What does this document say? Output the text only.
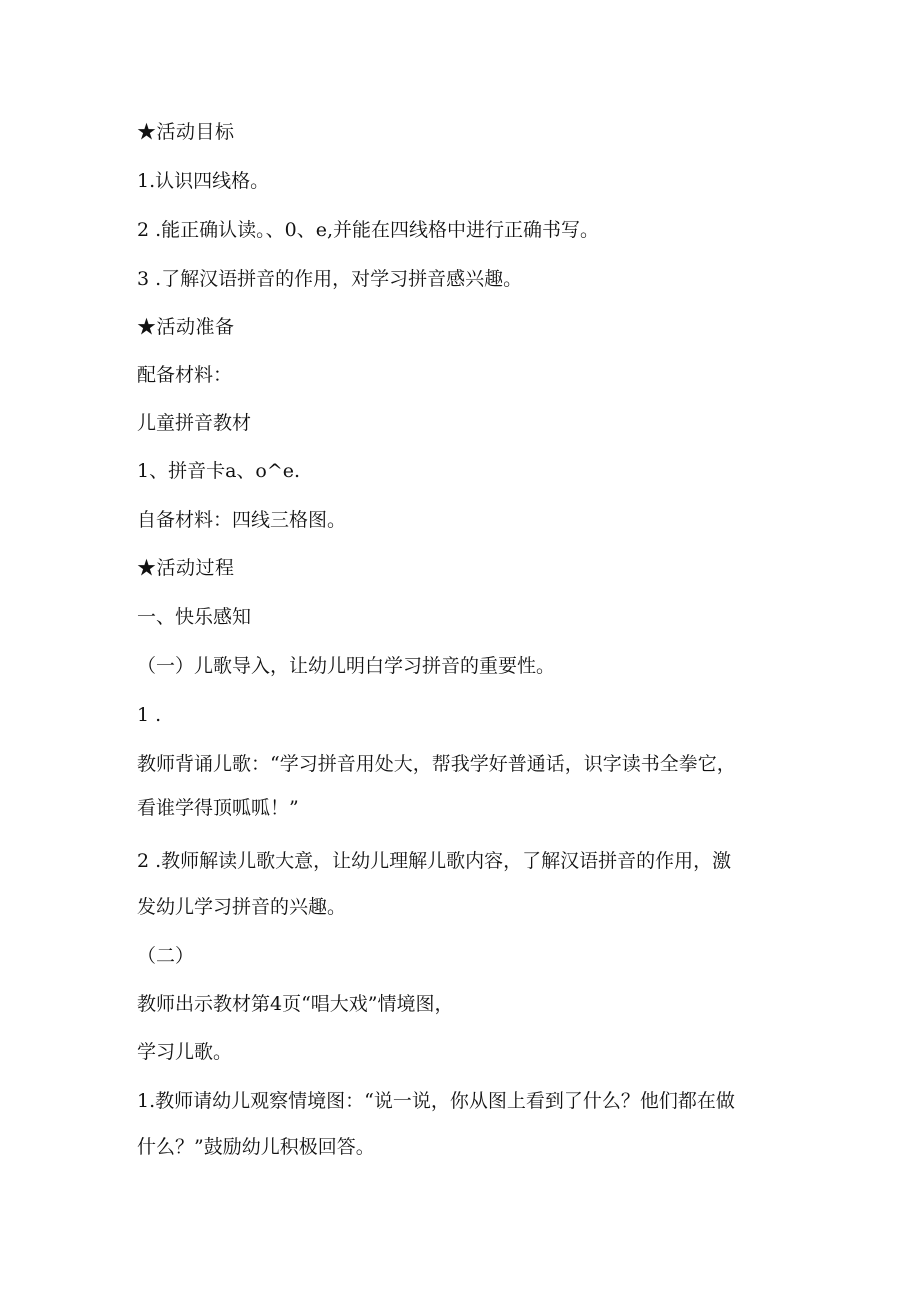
★活动目标
1.认识四线格。
2 .能正确认读。、0、e,并能在四线格中进行正确书写。
3 .了解汉语拼音的作用，对学习拼音感兴趣。
★活动准备
配备材料：
儿童拼音教材
1、拼音卡a、o^e.
自备材料：四线三格图。
★活动过程
一、快乐感知
（一）儿歌导入，让幼儿明白学习拼音的重要性。
1 .
教师背诵儿歌：“学习拼音用处大，帮我学好普通话，识字读书全拳它，
看谁学得顶呱呱！”
2 .教师解读儿歌大意，让幼儿理解儿歌内容，了解汉语拼音的作用，激
发幼儿学习拼音的兴趣。
（二）
教师出示教材第4页“唱大戏”情境图，
学习儿歌。
1.教师请幼儿观察情境图：“说一说，你从图上看到了什么？他们都在做
什么？”鼓励幼儿积极回答。
